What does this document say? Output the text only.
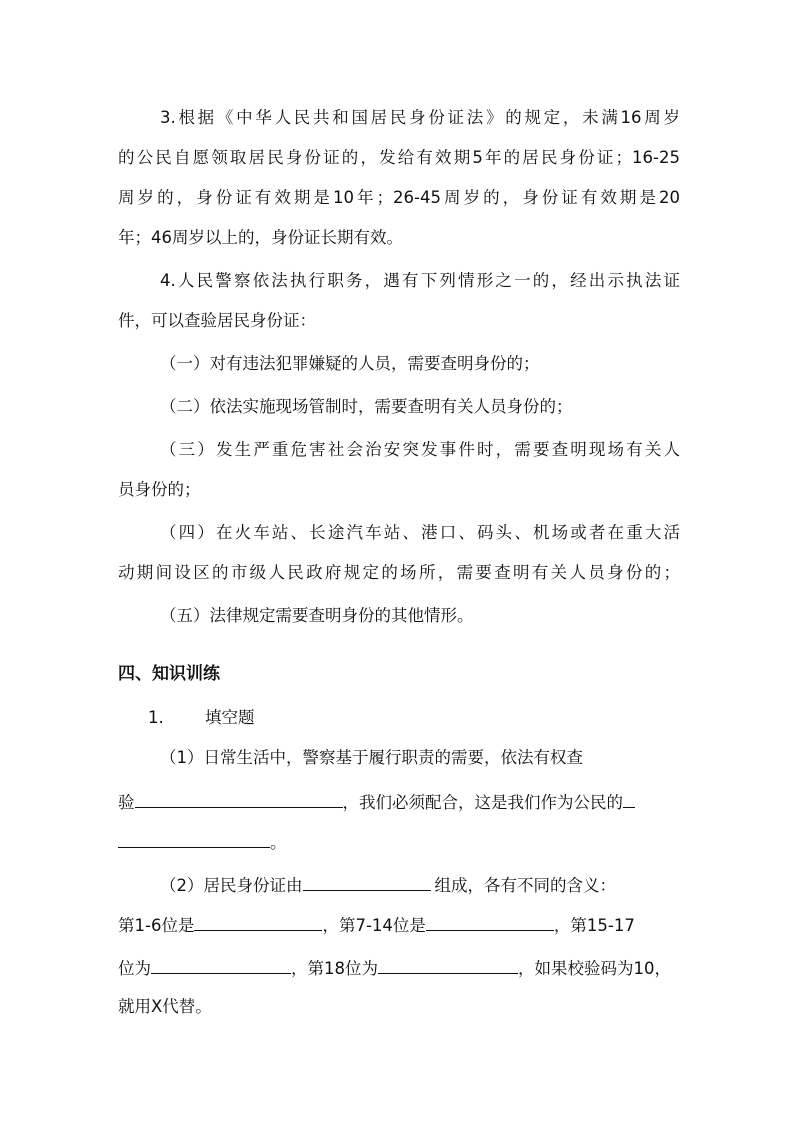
3.根据《中华人民共和国居民身份证法》的规定，未满16周岁
的公民自愿领取居民身份证的，发给有效期5年的居民身份证；16-25
周岁的，身份证有效期是10年；26-45周岁的，身份证有效期是20
年；46周岁以上的，身份证长期有效。
4.人民警察依法执行职务，遇有下列情形之一的，经出示执法证
件，可以查验居民身份证：
（一）对有违法犯罪嫌疑的人员，需要查明身份的；
（二）依法实施现场管制时，需要查明有关人员身份的；
（三）发生严重危害社会治安突发事件时，需要查明现场有关人
员身份的；
（四）在火车站、长途汽车站、港口、码头、机场或者在重大活
动期间设区的市级人民政府规定的场所，需要查明有关人员身份的；
（五）法律规定需要查明身份的其他情形。
四、知识训练
1.	填空题
（1）日常生活中，警察基于履行职责的需要，依法有权查
验	，我们必须配合，这是我们作为公民的
。
（2）居民身份证由	组成，各有不同的含义：
第1-6位是	，第7-14位是	，第15-17
位为	，第18位为	，如果校验码为10，
就用X代替。
